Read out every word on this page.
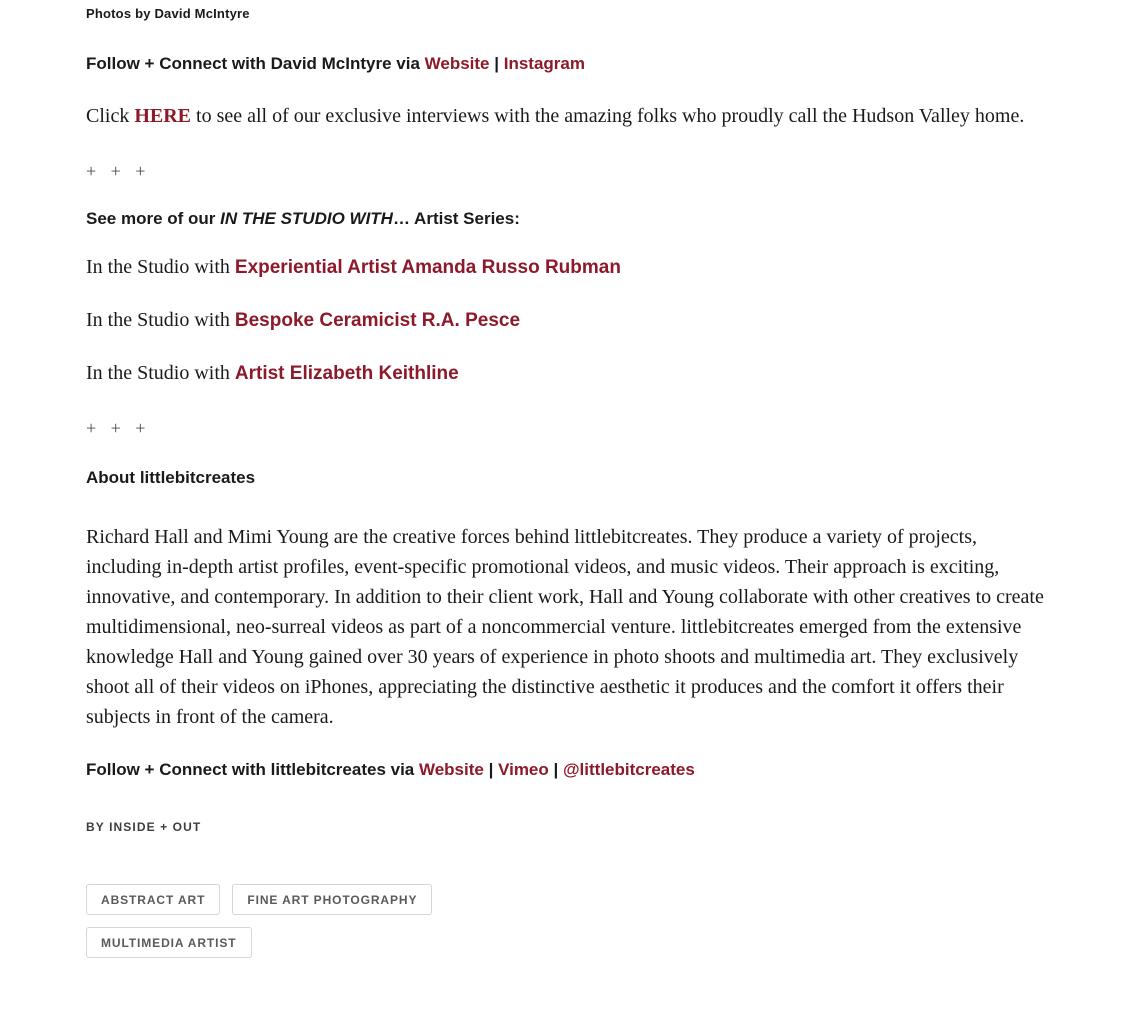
Photos by David McIntyre

Follow + Connect with David McIntyre via Website | Instagram

Click HERE to see all of our exclusive interviews with the amazing folks who proudly call the Hudson Valley home.

+ + +

See more of our IN THE STUDIO WITH… Artist Series:

In the Studio with Experiential Artist Amanda Russo Rubman

In the Studio with Bespoke Ceramicist R.A. Pesce

In the Studio with Artist Elizabeth Keithline

+ + +

About littlebitcreates

Richard Hall and Mimi Young are the creative forces behind littlebitcreates. They produce a variety of projects, including in-depth artist profiles, event-specific promotional videos, and music videos. Their approach is exciting, innovative, and contemporary. In addition to their client work, Hall and Young collaborate with other creatives to create multidimensional, neo-surreal videos as part of a noncommercial venture. littlebitcreates emerged from the extensive knowledge Hall and Young gained over 30 years of experience in photo shoots and multimedia art. They exclusively shoot all of their videos on iPhones, appreciating the distinctive aesthetic it produces and the comfort it offers their subjects in front of the camera.

Follow + Connect with littlebitcreates via Website | Vimeo | @littlebitcreates

BY INSIDE + OUT

ABSTRACT ART	FINE ART PHOTOGRAPHY
MULTIMEDIA ARTIST
